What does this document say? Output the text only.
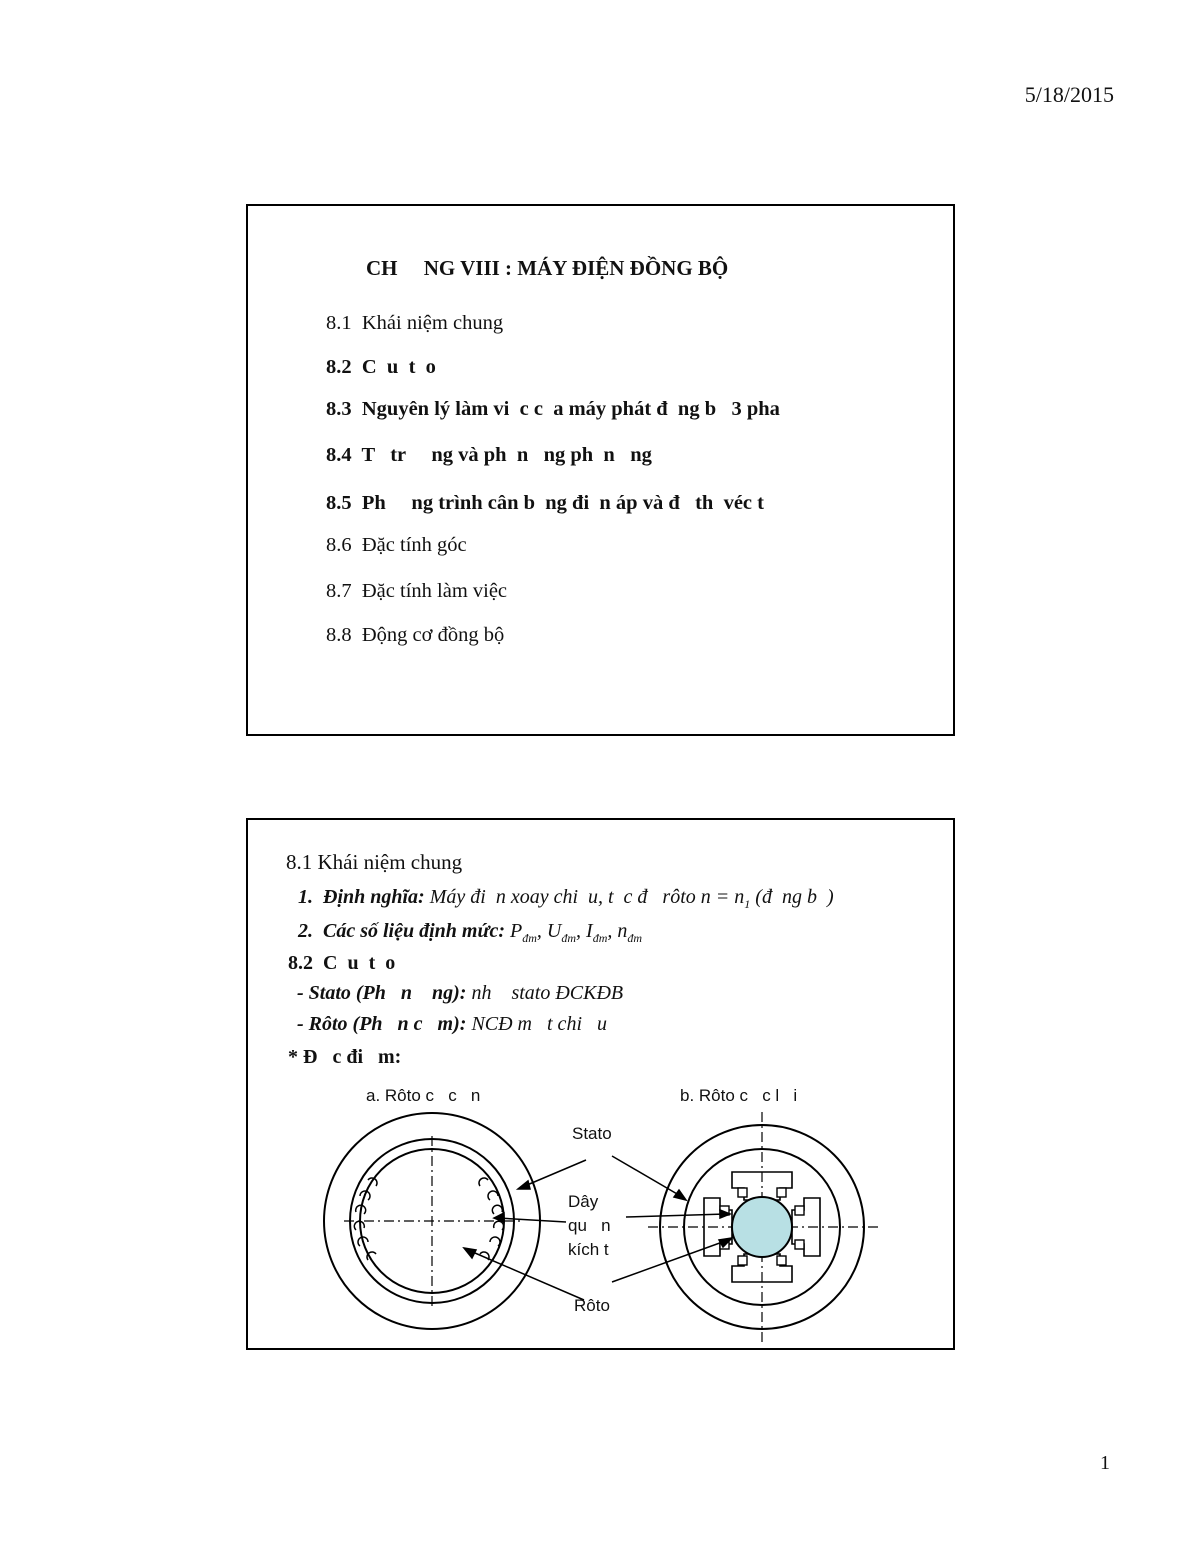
5/18/2015
CH     NG VIII : MÁY ĐIỆN ĐỒNG BỘ
8.1 Khái niệm chung
8.2 C  u  t  o
8.3 Nguyên lý làm vi  c c  a máy phát đ  ng b   3 pha
8.4 T   tr     ng và ph  n   ng ph  n   ng
8.5 Ph     ng trình cân b  ng đi  n áp và đ   th  véc t
8.6 Đặc tính góc
8.7 Đặc tính làm việc
8.8 Động cơ đồng bộ
8.1 Khái niệm chung
1.  Định nghĩa: Máy đi  n xoay chi  u, t  c đ   rôto $n = n_1$ (đ  ng b  )
2.  Các số liệu định mức: $P_{đm}$, $U_{đm}$, $I_{đm}$, $n_{đm}$
8.2  C  u  t  o
- Stato (Ph   n    ng): nh    stato ĐCKĐB
- Rôto (Ph   n c   m): NCĐ m   t chi   u
* Đ   c đi   m:
a. Rôto c   c   n	b. Rôto c   c l   i
Stato
Dây
qu   n
kích t
Rôto
1
